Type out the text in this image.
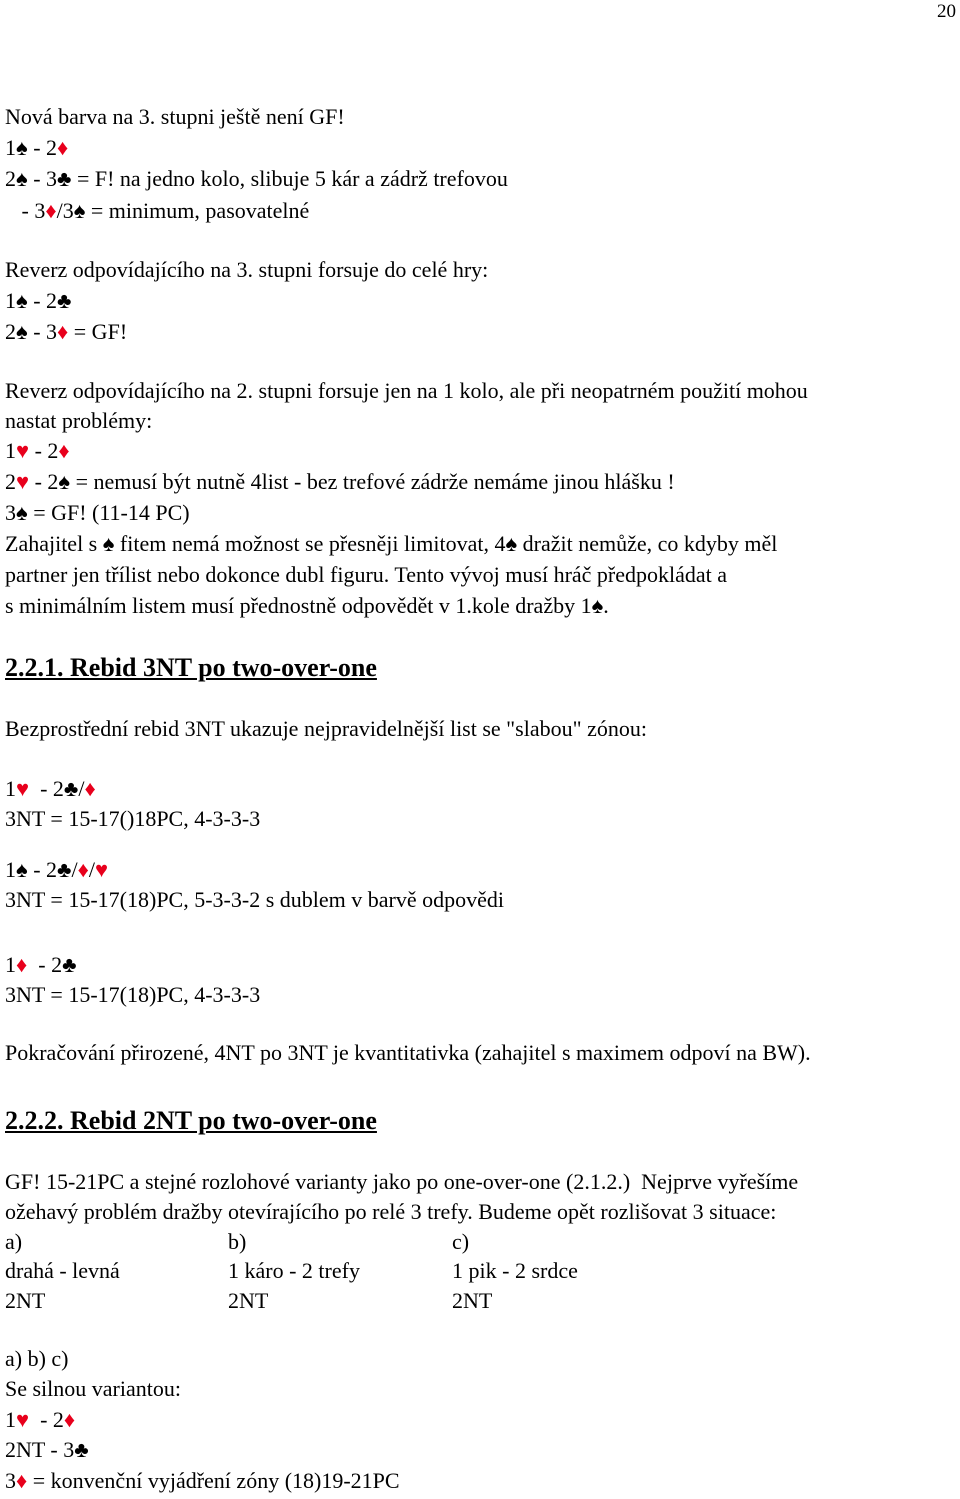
20
Nová barva na 3. stupni ještě není GF!
1♠ - 2♦
2♠ - 3♣ = F! na jedno kolo, slibuje 5 kár a zádrž trefovou
- 3♦/3♠ = minimum, pasovatelné
Reverz odpovídajícího na 3. stupni forsuje do celé hry:
1♠ - 2♣
2♠ - 3♦ = GF!
Reverz odpovídajícího na 2. stupni forsuje jen na 1 kolo, ale při neopatrném použití mohou
nastat problémy:
1♥ - 2♦
2♥ - 2♠ = nemusí být nutně 4list - bez trefové zádrže nemáme jinou hlášku !
3♠ = GF! (11-14 PC)
Zahajitel s ♠ fitem nemá možnost se přesněji limitovat, 4♠ dražit nemůže, co kdyby měl
partner jen třílist nebo dokonce dubl figuru. Tento vývoj musí hráč předpokládat a
s minimálním listem musí přednostně odpovědět v 1.kole dražby 1♠.
2.2.1. Rebid 3NT po two-over-one
Bezprostřední rebid 3NT ukazuje nejpravidelnější list se "slabou" zónou:
1♥ - 2♣/♦
3NT = 15-17()18PC, 4-3-3-3
1♠ - 2♣/♦/♥
3NT = 15-17(18)PC, 5-3-3-2 s dublem v barvě odpovědi
1♦ - 2♣
3NT = 15-17(18)PC, 4-3-3-3
Pokračování přirozené, 4NT po 3NT je kvantitativka (zahajitel s maximem odpoví na BW).
2.2.2. Rebid 2NT po two-over-one
GF! 15-21PC a stejné rozlohové varianty jako po one-over-one (2.1.2.)  Nejprve vyřešíme
ožehavý problém dražby otevírajícího po relé 3 trefy. Budeme opět rozlišovat 3 situace:
a)	b)	c)
drahá - levná	1 káro - 2 trefy	1 pik - 2 srdce
2NT	2NT	2NT
a) b) c)
Se silnou variantou:
1♥ - 2♦
2NT - 3♣
3♦ = konvenční vyjádření zóny (18)19-21PC
